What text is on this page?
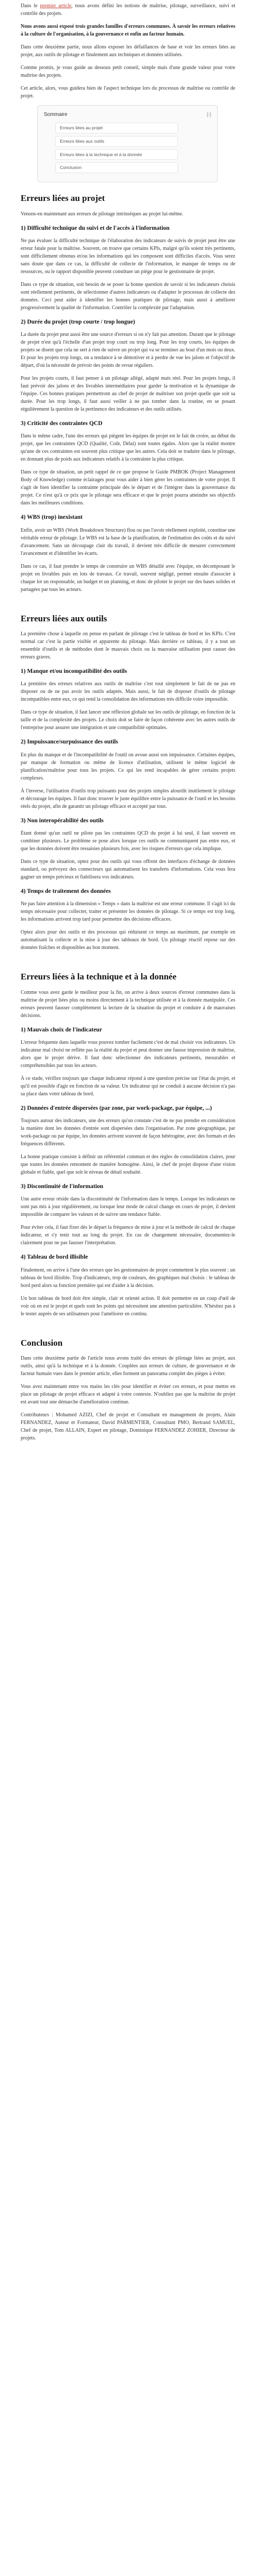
Dans le premier article, nous avons défini les notions de maîtrise, pilotage, surveillance, suivi et contrôle des projets.

Nous avons aussi exposé trois grandes familles d'erreurs communes. À savoir les erreurs relatives à la culture de l'organisation, à la gouvernance et enfin au facteur humain.

Dans cette deuxième partie, nous allons exposer les défaillances de base et voir les erreurs liées au projet, aux outils de pilotage et finalement aux techniques et données utilisées.

Comme promis, je vous guide au dessous petit conseil, simple mais d'une grande valeur pour votre maîtrise des projets.

Cet article, alors, vous guidera bien de l'aspect technique lors du processus de maîtrise ou contrôle de projet.

Sommaire	[-]
Erreurs liées au projet
Erreurs liées aux outils
Erreurs liées à la technique et à la donnée
Conclusion
Erreurs liées au projet

Venons-en maintenant aux erreurs de pilotage intrinsèques au projet lui-même.

1) Difficulté technique du suivi et de l'accès à l'information

Ne pas évaluer la difficulté technique de l'élaboration des indicateurs de suivis de projet peut être une erreur fatale pour la maîtrise. Souvent, on trouve que certains KPIs, malgré qu'ils soient très pertinents, sont difficilement obtenus et/ou les informations qui les composent sont difficiles d'accès. Vous serez sans doute que dans ce cas, la difficulté de collecte de l'information, le manque de temps ou de ressources, ou le rapport disponible peuvent constituer un piège pour le gestionnaire de projet.

Dans ce type de situation, soit besoin de se poser la bonne question de savoir si les indicateurs choisis sont réellement pertinents, de sélectionner d'autres indicateurs ou d'adapter le processus de collecte des données. Ceci peut aider à identifier les bonnes pratiques de pilotage, mais aussi à améliorer progressivement la qualité de l'information. Contrôler la complexité par l'adaptation.

2) Durée du projet (trop courte / trop longue)

La durée du projet peut aussi être une source d'erreurs si on n'y fait pas attention. Durant que le pilotage de projet n'est qu'à l'échelle d'un projet trop court ou trop long. Pour les trop courts, les équipes de projets se disent que cela ne sert à rien de suivre un projet qui va se terminer au bout d'un mois ou deux. Et pour les projets trop longs, on a tendance à se démotiver et à perdre de vue les jalons et l'objectif de départ, d'où la nécessité de prévoir des points de revue réguliers.

Pour les projets courts, il faut penser à un pilotage allégé, adapté mais réel. Pour les projets longs, il faut prévoir des jalons et des livrables intermédiaires pour garder la motivation et la dynamique de l'équipe. Ces bonnes pratiques permettront au chef de projet de maîtriser son projet quelle que soit sa durée. Pour les trop longs, il faut aussi veiller à ne pas tomber dans la routine, en se posant régulièrement la question de la pertinence des indicateurs et des outils utilisés.

3) Criticité des contraintes QCD

Dans le même cadre, l'une des erreurs qui piègent les équipes de projet est le fait de croire, au début du projet, que les contraintes QCD (Qualité, Coût, Délai) sont toutes égales. Alors que la réalité montre qu'une de ces contraintes est souvent plus critique que les autres. Cela doit se traduire dans le pilotage, en donnant plus de poids aux indicateurs relatifs à la contrainte la plus critique.

Dans ce type de situation, un petit rappel de ce que propose le Guide PMBOK (Project Management Body of Knowledge) comme éclairages pour vous aider à bien gérer les contraintes de votre projet. Il s'agit de bien identifier la contrainte principale dès le départ et de l'intégrer dans la gouvernance du projet. Ce n'est qu'à ce prix que le pilotage sera efficace et que le projet pourra atteindre ses objectifs dans les meilleures conditions.

4) WBS (trop) inexistant

Enfin, avoir un WBS (Work Breakdown Structure) flou ou pas l'avoir réellement exploité, constitue une véritable erreur de pilotage. Le WBS est la base de la planification, de l'estimation des coûts et du suivi d'avancement. Sans un découpage clair du travail, il devient très difficile de mesurer correctement l'avancement et d'identifier les écarts.

Dans ce cas, il faut prendre le temps de construire un WBS détaillé avec l'équipe, en décomposant le projet en livrables puis en lots de travaux. Ce travail, souvent négligé, permet ensuite d'associer à chaque lot un responsable, un budget et un planning, et donc de piloter le projet sur des bases solides et partagées par tous les acteurs.

Erreurs liées aux outils

La première chose à laquelle on pense en parlant de pilotage c'est le tableau de bord et les KPIs. C'est normal car c'est la partie visible et apparente du pilotage. Mais derrière ce tableau, il y a tout un ensemble d'outils et de méthodes dont le mauvais choix ou la mauvaise utilisation peut causer des erreurs graves.

1) Manque et/ou incompatibilité des outils

La première des erreurs relatives aux outils de maîtrise c'est tout simplement le fait de ne pas en disposer ou de ne pas avoir les outils adaptés. Mais aussi, le fait de disposer d'outils de pilotage incompatibles entre eux, ce qui rend la consolidation des informations très difficile voire impossible.

Dans ce type de situation, il faut lancer une réflexion globale sur les outils de pilotage, en fonction de la taille et de la complexité des projets. Le choix doit se faire de façon cohérente avec les autres outils de l'entreprise pour assurer une intégration et une compatibilité optimales.

2) Impuissance/surpuissance des outils

En plus du manque et de l'incompatibilité de l'outil on avoue aussi son impuissance. Certaines équipes, par manque de formation ou même de licence d'utilisation, utilisent le même logiciel de planification/maîtrise pour tous les projets. Ce qui les rend incapables de gérer certains projets complexes.

À l'inverse, l'utilisation d'outils trop puissants pour des projets simples alourdit inutilement le pilotage et décourage les équipes. Il faut donc trouver le juste équilibre entre la puissance de l'outil et les besoins réels du projet, afin de garantir un pilotage efficace et accepté par tous.

3) Non interopérabilité des outils

Étant donné qu'un outil ne pilote pas les contraintes QCD du projet à lui seul, il faut souvent en combiner plusieurs. Le problème se pose alors lorsque ces outils ne communiquent pas entre eux, et que les données doivent être ressaisies plusieurs fois, avec les risques d'erreurs que cela implique.

Dans ce type de situation, optez pour des outils qui vous offrent des interfaces d'échange de données standard, ou prévoyez des connecteurs qui automatisent les transferts d'informations. Cela vous fera gagner un temps précieux et fiabilisera vos indicateurs.

4) Temps de traitement des données

Ne pas faire attention à la dimension « Temps » dans la maîtrise est une erreur commune. Il s'agit ici du temps nécessaire pour collecter, traiter et présenter les données de pilotage. Si ce temps est trop long, les informations arrivent trop tard pour permettre des décisions efficaces.

Optez alors pour des outils et des processus qui réduisent ce temps au maximum, par exemple en automatisant la collecte et la mise à jour des tableaux de bord. Un pilotage réactif repose sur des données fraîches et disponibles au bon moment.

Erreurs liées à la technique et à la donnée

Comme vous avez garde le meilleur pour la fin, on arrive à deux sources d'erreur communes dans la maîtrise de projet liées plus ou moins directement à la technique utilisée et à la donnée manipulée. Ces erreurs peuvent fausser complètement la lecture de la situation du projet et conduire à de mauvaises décisions.

1) Mauvais choix de l'indicateur

L'erreur fréquente dans laquelle vous pouvez tomber facilement c'est de mal choisir vos indicateurs. Un indicateur mal choisi ne reflète pas la réalité du projet et peut donner une fausse impression de maîtrise, alors que le projet dérive. Il faut donc sélectionner des indicateurs pertinents, mesurables et compréhensibles par tous les acteurs.

À ce stade, vérifiez toujours que chaque indicateur répond à une question précise sur l'état du projet, et qu'il est possible d'agir en fonction de sa valeur. Un indicateur qui ne conduit à aucune décision n'a pas sa place dans votre tableau de bord.

2) Données d'entrée dispersées (par zone, par work-package, par équipe, ...)

Toujours autour des indicateurs, une des erreurs qu'on constate c'est de ne pas prendre en considération la manière dont les données d'entrée sont dispersées dans l'organisation. Par zone géographique, par work-package ou par équipe, les données arrivent souvent de façon hétérogène, avec des formats et des fréquences différents.

La bonne pratique consiste à définir un référentiel commun et des règles de consolidation claires, pour que toutes les données remontent de manière homogène. Ainsi, le chef de projet dispose d'une vision globale et fiable, quel que soit le niveau de détail souhaité.

3) Discontinuité de l'information

Une autre erreur réside dans la discontinuité de l'information dans le temps. Lorsque les indicateurs ne sont pas mis à jour régulièrement, ou lorsque leur mode de calcul change en cours de projet, il devient impossible de comparer les valeurs et de suivre une tendance fiable.

Pour éviter cela, il faut fixer dès le départ la fréquence de mise à jour et la méthode de calcul de chaque indicateur, et s'y tenir tout au long du projet. En cas de changement nécessaire, documentez-le clairement pour ne pas fausser l'interprétation.

4) Tableau de bord illisible

Finalement, on arrive à l'une des erreurs que les gestionnaires de projet commettent le plus souvent : un tableau de bord illisible. Trop d'indicateurs, trop de couleurs, des graphiques mal choisis : le tableau de bord perd alors sa fonction première qui est d'aider à la décision.

Un bon tableau de bord doit être simple, clair et orienté action. Il doit permettre en un coup d'œil de voir où en est le projet et quels sont les points qui nécessitent une attention particulière. N'hésitez pas à le tester auprès de ses utilisateurs pour l'améliorer en continu.

Conclusion

Dans cette deuxième partie de l'article nous avons traité des erreurs de pilotage liées au projet, aux outils, ainsi qu'à la technique et à la donnée. Couplées aux erreurs de culture, de gouvernance et de facteur humain vues dans le premier article, elles forment un panorama complet des pièges à éviter.

Vous avez maintenant entre vos mains les clés pour identifier et éviter ces erreurs, et pour mettre en place un pilotage de projet efficace et adapté à votre contexte. N'oubliez pas que la maîtrise de projet est avant tout une démarche d'amélioration continue.

Contributeurs : Mohamed AZIZI, Chef de projet et Consultant en management de projets, Alain FERNANDEZ, Auteur et Formateur, David PARMENTIER, Consultant PMO, Bertrand SAMUEL, Chef de projet, Tom ALLAIN, Expert en pilotage, Dominique FERNANDEZ ZOHIER, Directeur de projets.
